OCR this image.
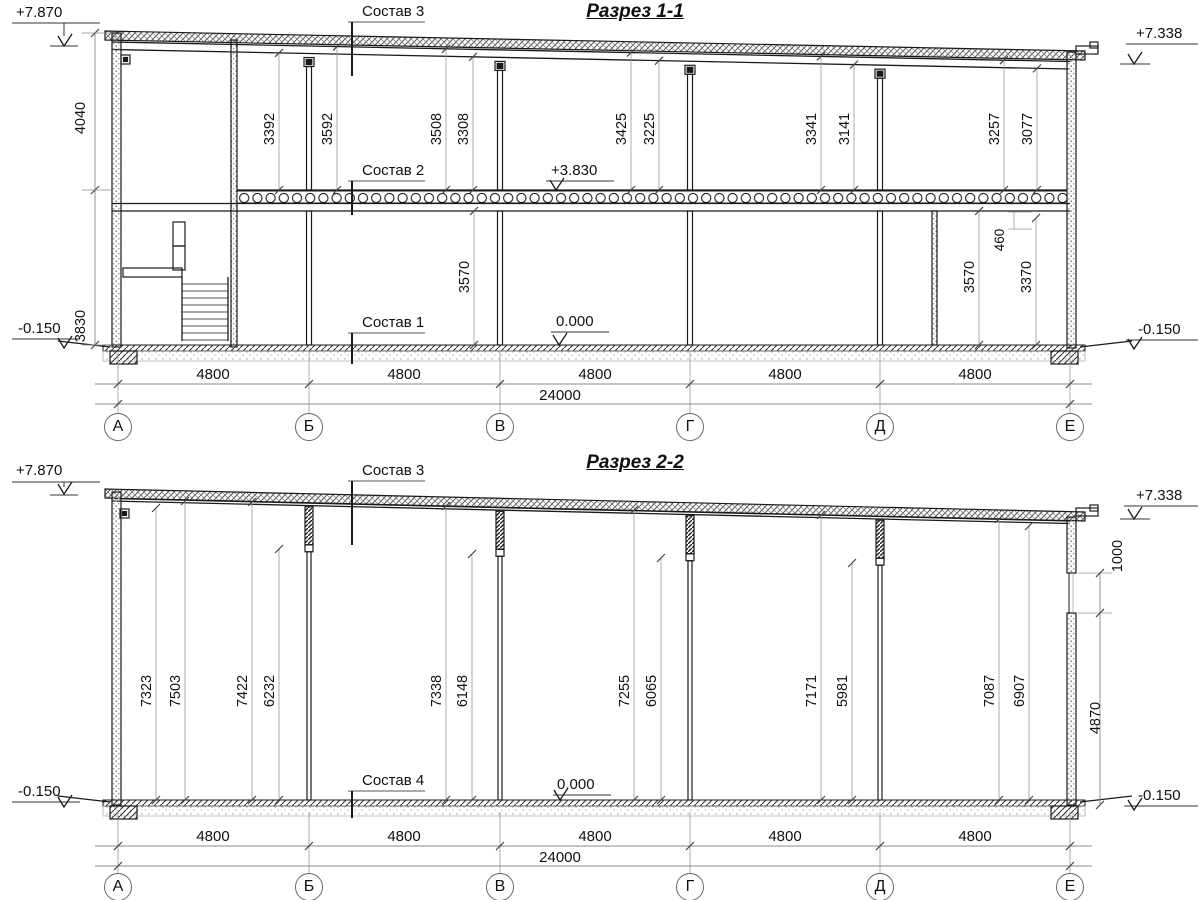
Разрез 1-1
Состав 3
Состав 2
Состав 1
+7.870
+7.338
+3.830
0.000
-0.150	-0.150
4040
3830
3392	3592	3508 3308	3425 3225	3341 3141	3257 3077
3570
460
3570	3370
4800	4800	4800	4800	4800
24000
А	Б	В	Г	Д	Е
Разрез 2-2
Состав 3
Состав 4
+7.870
+7.338
0.000
-0.150	-0.150
7323 7503	7422 6232	7338 6148	7255 6065	7171 5981	7087 6907
1000
4870
4800	4800	4800	4800	4800
24000
А	Б	В	Г	Д	Е
